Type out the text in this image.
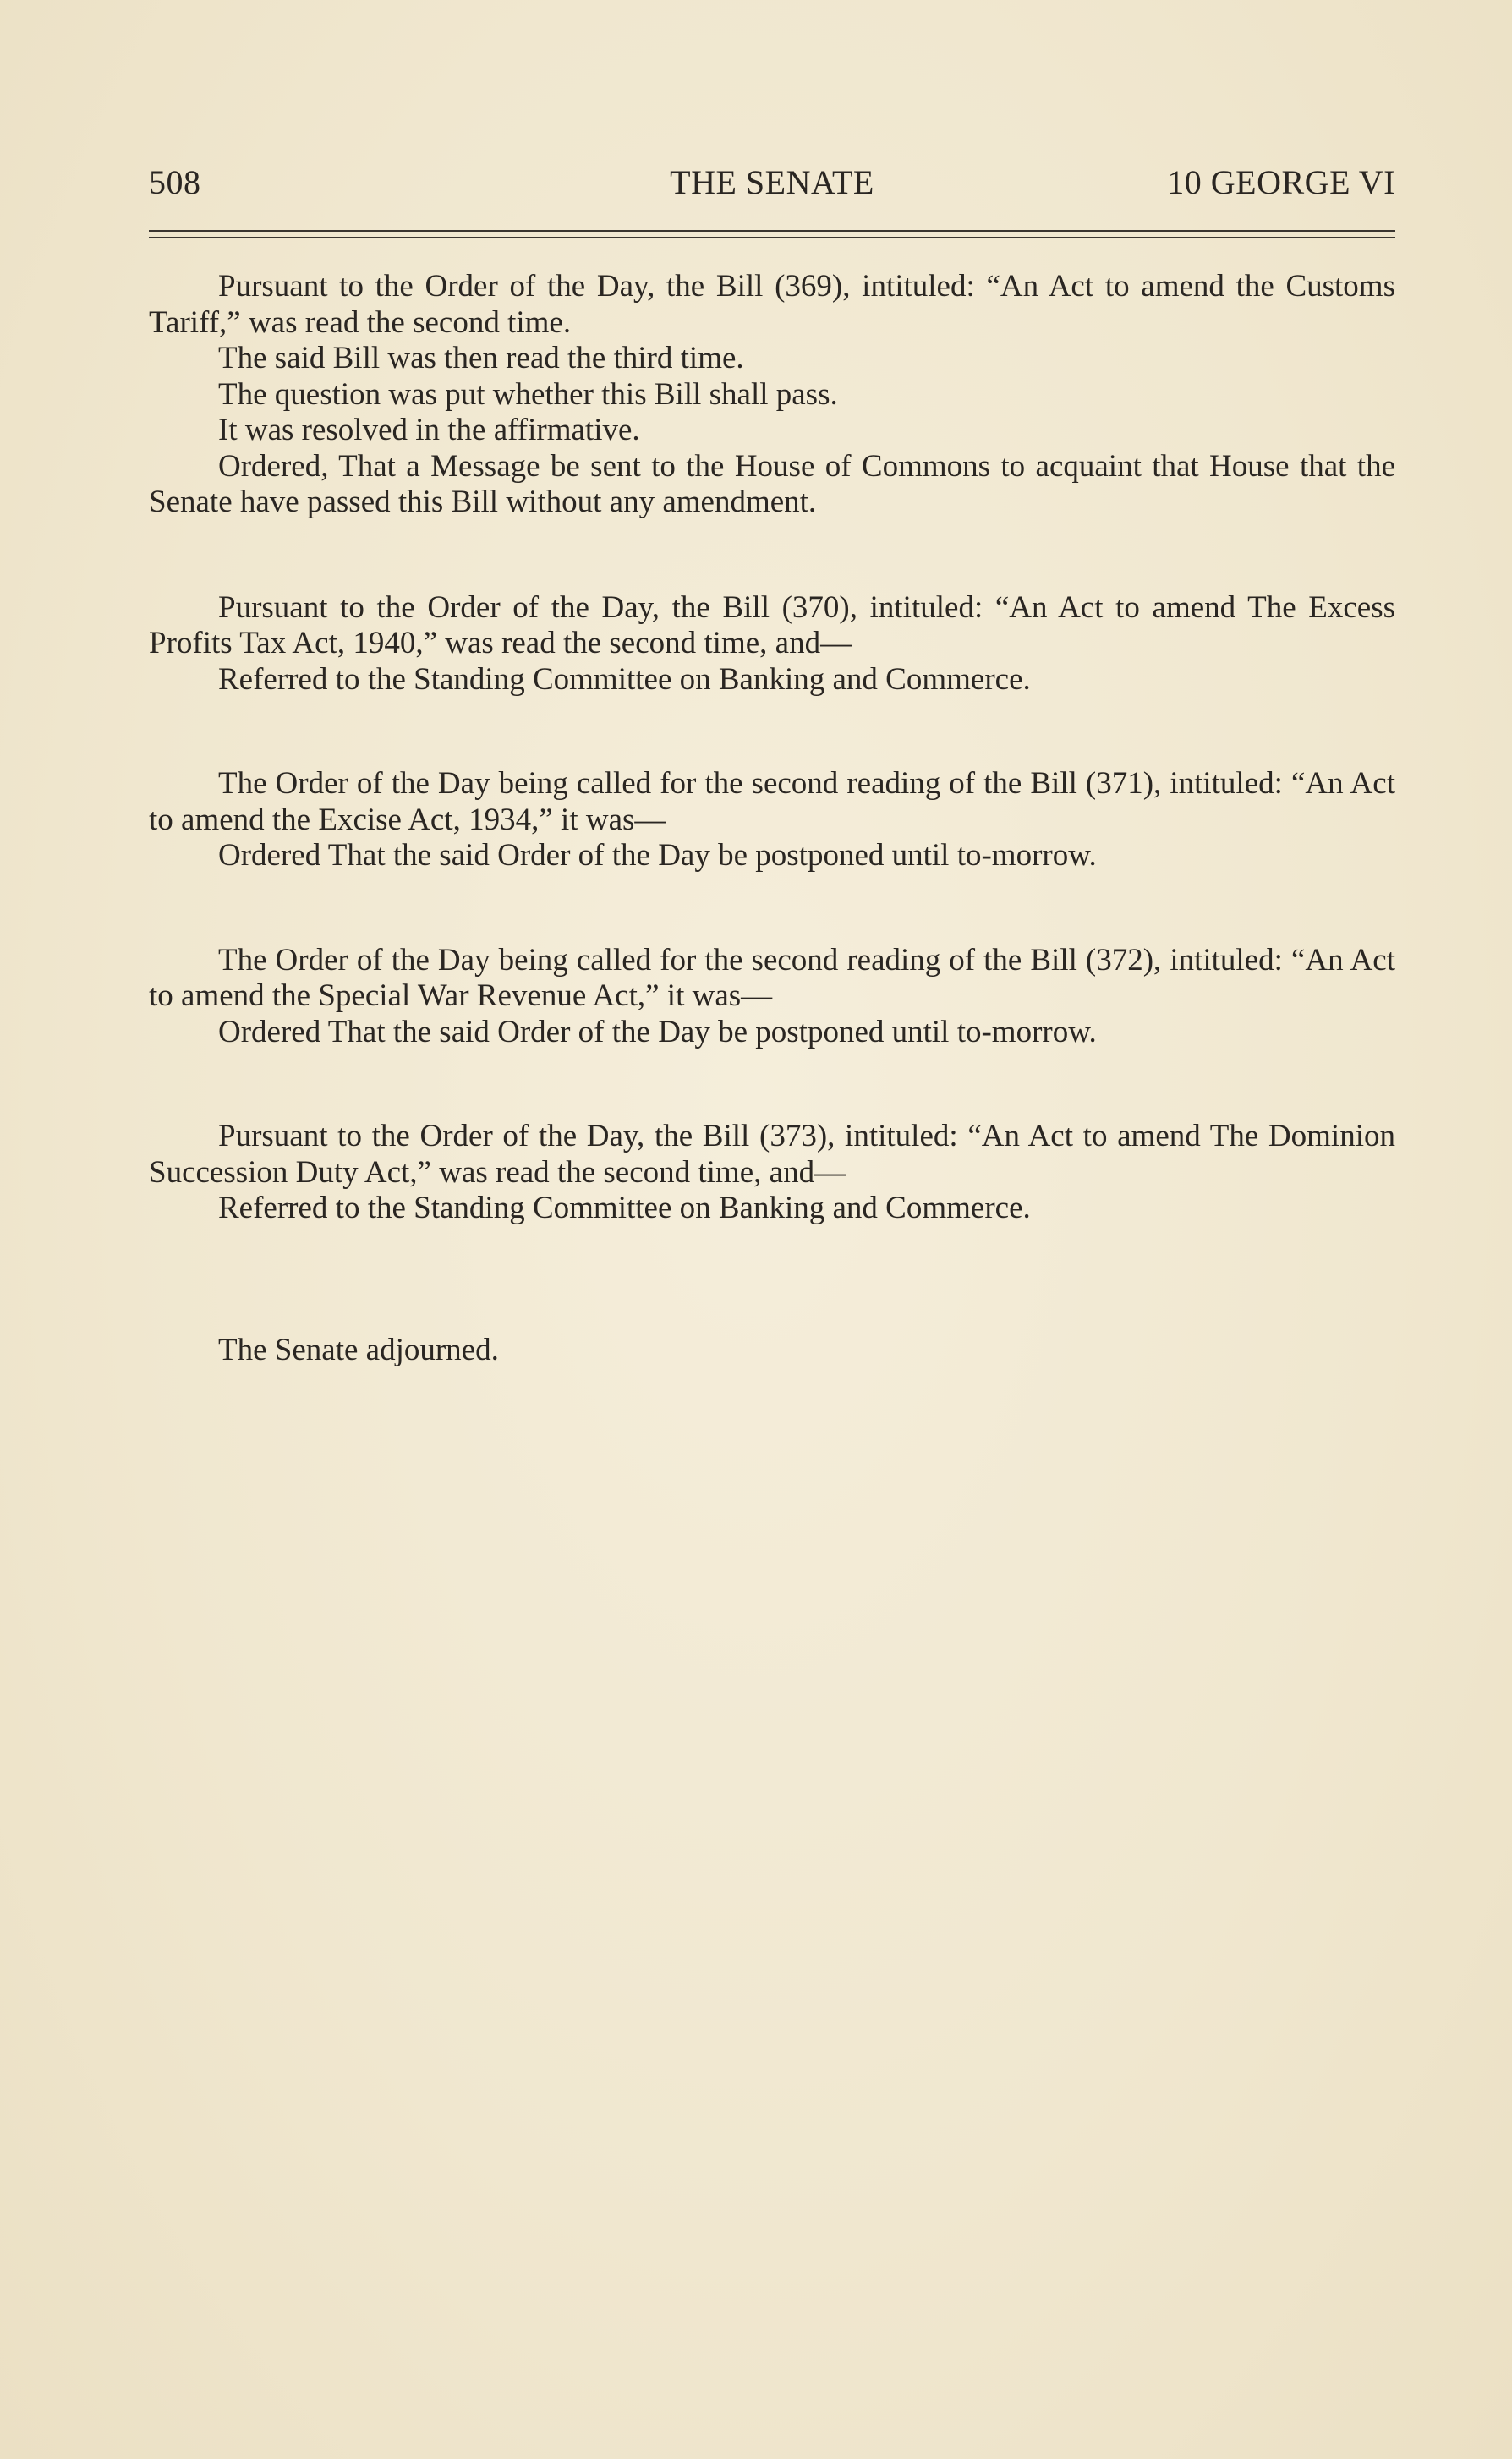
508	THE SENATE	10 GEORGE VI

Pursuant to the Order of the Day, the Bill (369), intituled: “An Act to amend the Customs Tariff,” was read the second time.

The said Bill was then read the third time.

The question was put whether this Bill shall pass.

It was resolved in the affirmative.

Ordered, That a Message be sent to the House of Commons to acquaint that House that the Senate have passed this Bill without any amendment.

Pursuant to the Order of the Day, the Bill (370), intituled: “An Act to amend The Excess Profits Tax Act, 1940,” was read the second time, and—

Referred to the Standing Committee on Banking and Commerce.

The Order of the Day being called for the second reading of the Bill (371), intituled: “An Act to amend the Excise Act, 1934,” it was—

Ordered That the said Order of the Day be postponed until to-morrow.

The Order of the Day being called for the second reading of the Bill (372), intituled: “An Act to amend the Special War Revenue Act,” it was—

Ordered That the said Order of the Day be postponed until to-morrow.

Pursuant to the Order of the Day, the Bill (373), intituled: “An Act to amend The Dominion Succession Duty Act,” was read the second time, and—

Referred to the Standing Committee on Banking and Commerce.

The Senate adjourned.
